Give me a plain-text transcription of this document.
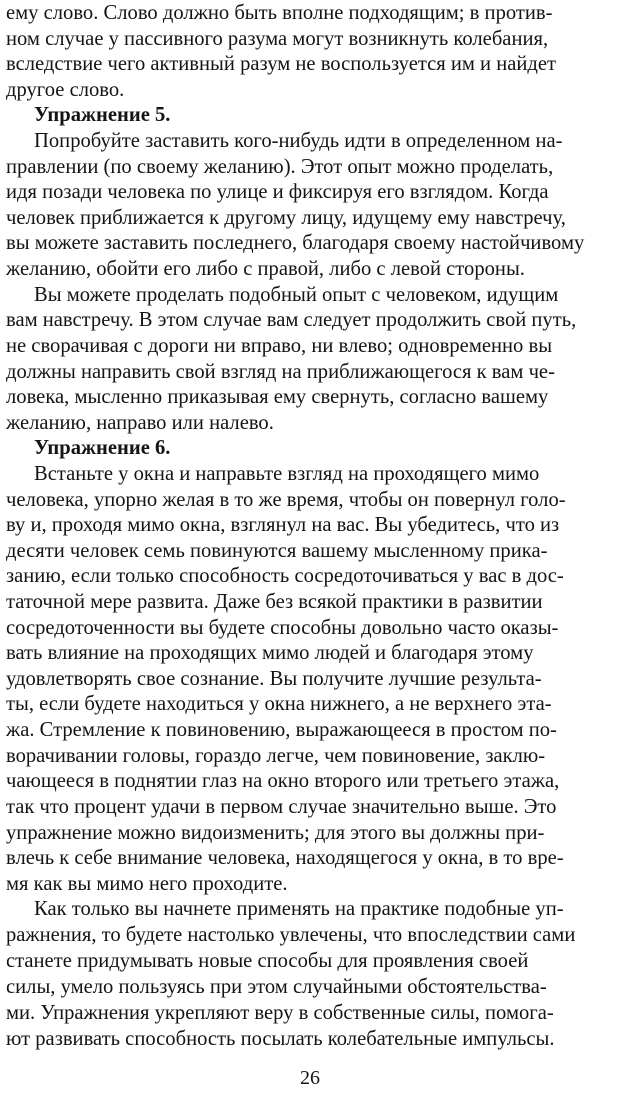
ему слово. Слово должно быть вполне подходящим; в против-
ном случае у пассивного разума могут возникнуть колебания,
вследствие чего активный разум не воспользуется им и найдет
другое слово.
Упражнение 5.
Попробуйте заставить кого-нибудь идти в определенном на-
правлении (по своему желанию). Этот опыт можно проделать,
идя позади человека по улице и фиксируя его взглядом. Когда
человек приближается к другому лицу, идущему ему навстречу,
вы можете заставить последнего, благодаря своему настойчивому
желанию, обойти его либо с правой, либо с левой стороны.
Вы можете проделать подобный опыт с человеком, идущим
вам навстречу. В этом случае вам следует продолжить свой путь,
не сворачивая с дороги ни вправо, ни влево; одновременно вы
должны направить свой взгляд на приближающегося к вам че-
ловека, мысленно приказывая ему свернуть, согласно вашему
желанию, направо или налево.
Упражнение 6.
Встаньте у окна и направьте взгляд на проходящего мимо
человека, упорно желая в то же время, чтобы он повернул голо-
ву и, проходя мимо окна, взглянул на вас. Вы убедитесь, что из
десяти человек семь повинуются вашему мысленному прика-
занию, если только способность сосредоточиваться у вас в дос-
таточной мере развита. Даже без всякой практики в развитии
сосредоточенности вы будете способны довольно часто оказы-
вать влияние на проходящих мимо людей и благодаря этому
удовлетворять свое сознание. Вы получите лучшие результа-
ты, если будете находиться у окна нижнего, а не верхнего эта-
жа. Стремление к повиновению, выражающееся в простом по-
ворачивании головы, гораздо легче, чем повиновение, заклю-
чающееся в поднятии глаз на окно второго или третьего этажа,
так что процент удачи в первом случае значительно выше. Это
упражнение можно видоизменить; для этого вы должны при-
влечь к себе внимание человека, находящегося у окна, в то вре-
мя как вы мимо него проходите.
Как только вы начнете применять на практике подобные уп-
ражнения, то будете настолько увлечены, что впоследствии сами
станете придумывать новые способы для проявления своей
силы, умело пользуясь при этом случайными обстоятельства-
ми. Упражнения укрепляют веру в собственные силы, помога-
ют развивать способность посылать колебательные импульсы.
26
